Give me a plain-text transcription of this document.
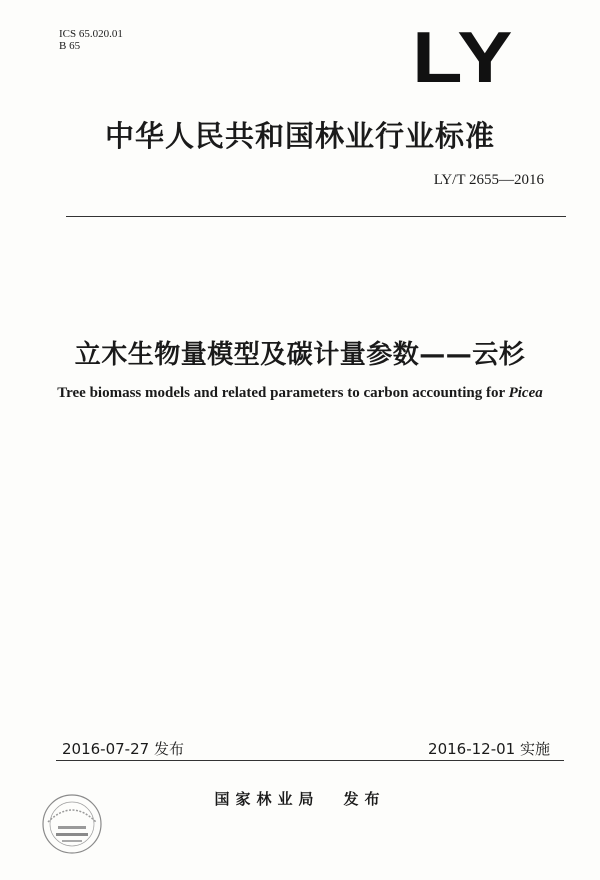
ICS 65.020.01
B 65	LY
中华人民共和国林业行业标准
LY/T 2655—2016
立木生物量模型及碳计量参数——云杉
Tree biomass models and related parameters to carbon accounting for Picea
2016-07-27 发布	2016-12-01 实施
国家林业局 发布
